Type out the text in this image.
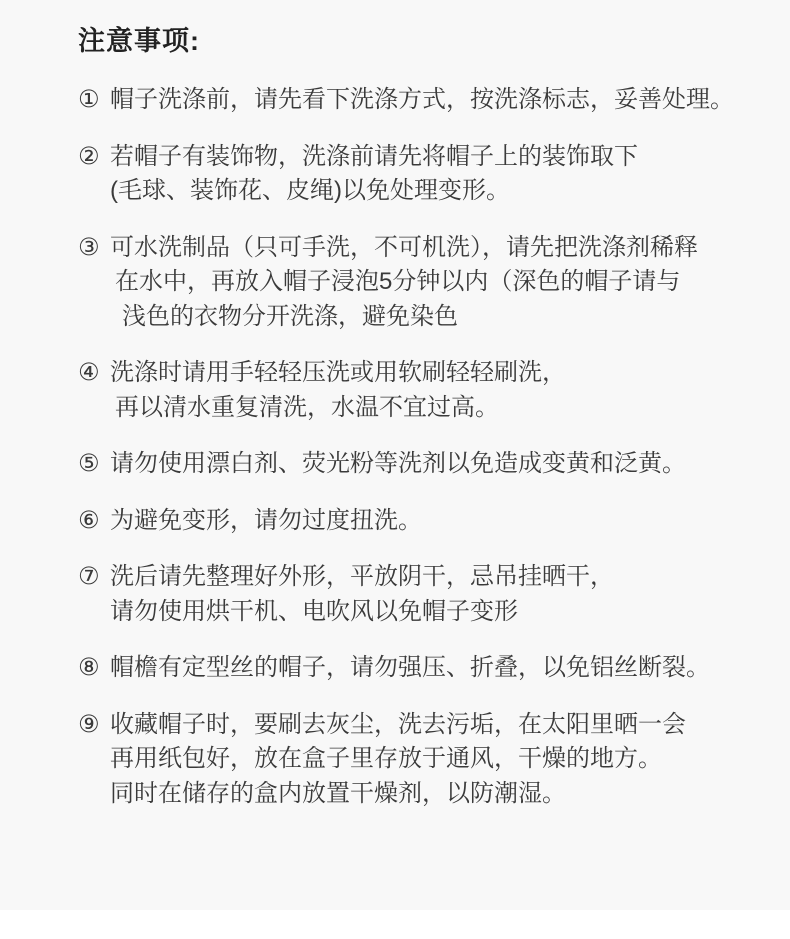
注意事项:
① 帽子洗涤前，请先看下洗涤方式，按洗涤标志，妥善处理。
② 若帽子有装饰物，洗涤前请先将帽子上的装饰取下
(毛球、装饰花、皮绳)以免处理变形。
③ 可水洗制品（只可手洗，不可机洗），请先把洗涤剂稀释
在水中，再放入帽子浸泡5分钟以内（深色的帽子请与
浅色的衣物分开洗涤，避免染色
④ 洗涤时请用手轻轻压洗或用软刷轻轻刷洗，
再以清水重复清洗，水温不宜过高。
⑤ 请勿使用漂白剂、荧光粉等洗剂以免造成变黄和泛黄。
⑥ 为避免变形，请勿过度扭洗。
⑦ 洗后请先整理好外形，平放阴干，忌吊挂晒干，
请勿使用烘干机、电吹风以免帽子变形
⑧ 帽檐有定型丝的帽子，请勿强压、折叠，以免铝丝断裂。
⑨ 收藏帽子时，要刷去灰尘，洗去污垢，在太阳里晒一会
再用纸包好，放在盒子里存放于通风，干燥的地方。
同时在储存的盒内放置干燥剂，以防潮湿。
